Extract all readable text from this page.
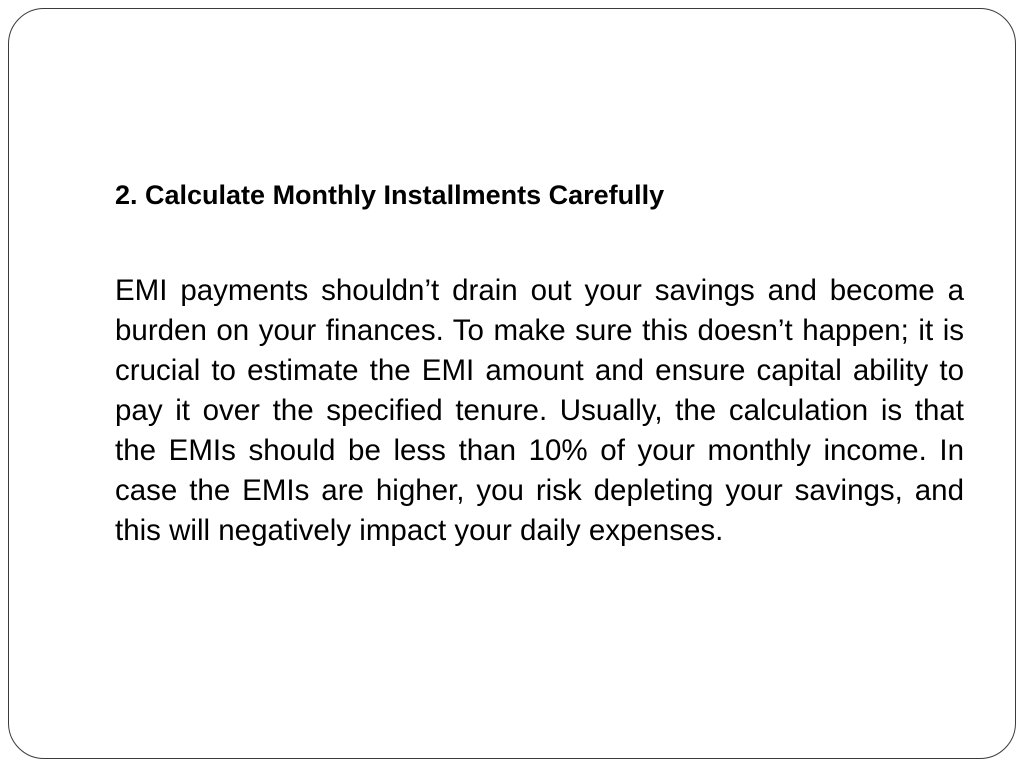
2. Calculate Monthly Installments Carefully

EMI payments shouldn’t drain out your savings and become a burden on your finances. To make sure this doesn’t happen; it is crucial to estimate the EMI amount and ensure capital ability to pay it over the specified tenure. Usually, the calculation is that the EMIs should be less than 10% of your monthly income. In case the EMIs are higher, you risk depleting your savings, and this will negatively impact your daily expenses.
